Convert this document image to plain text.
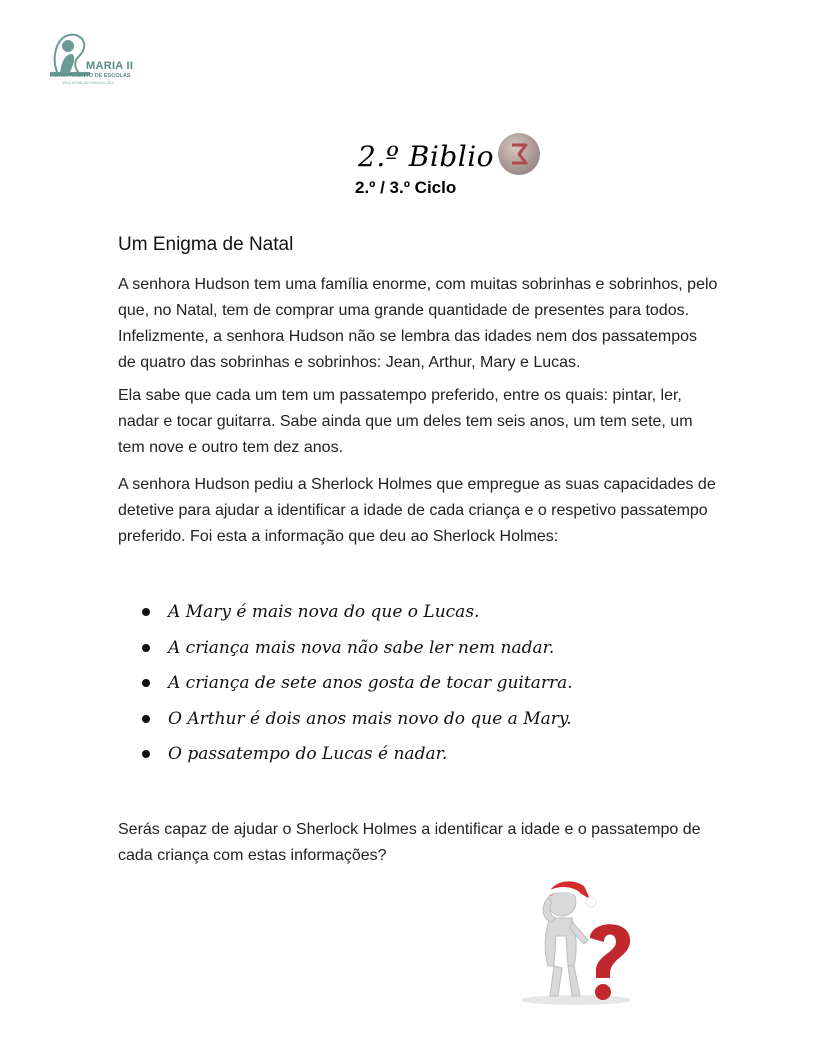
MARIA II
AGRUPAMENTO DE ESCOLAS
VILA NOVA DE FAMALICÃO
2.º Biblio
2.º / 3.º Ciclo
Um Enigma de Natal
A senhora Hudson tem uma família enorme, com muitas sobrinhas e sobrinhos, pelo que, no Natal, tem de comprar uma grande quantidade de presentes para todos. Infelizmente, a senhora Hudson não se lembra das idades nem dos passatempos de quatro das sobrinhas e sobrinhos: Jean, Arthur, Mary e Lucas.
Ela sabe que cada um tem um passatempo preferido, entre os quais: pintar, ler, nadar e tocar guitarra. Sabe ainda que um deles tem seis anos, um tem sete, um tem nove e outro tem dez anos.
A senhora Hudson pediu a Sherlock Holmes que empregue as suas capacidades de detetive para ajudar a identificar a idade de cada criança e o respetivo passatempo preferido. Foi esta a informação que deu ao Sherlock Holmes:
A Mary é mais nova do que o Lucas.
A criança mais nova não sabe ler nem nadar.
A criança de sete anos gosta de tocar guitarra.
O Arthur é dois anos mais novo do que a Mary.
O passatempo do Lucas é nadar.
Serás capaz de ajudar o Sherlock Holmes a identificar a idade e o passatempo de cada criança com estas informações?
